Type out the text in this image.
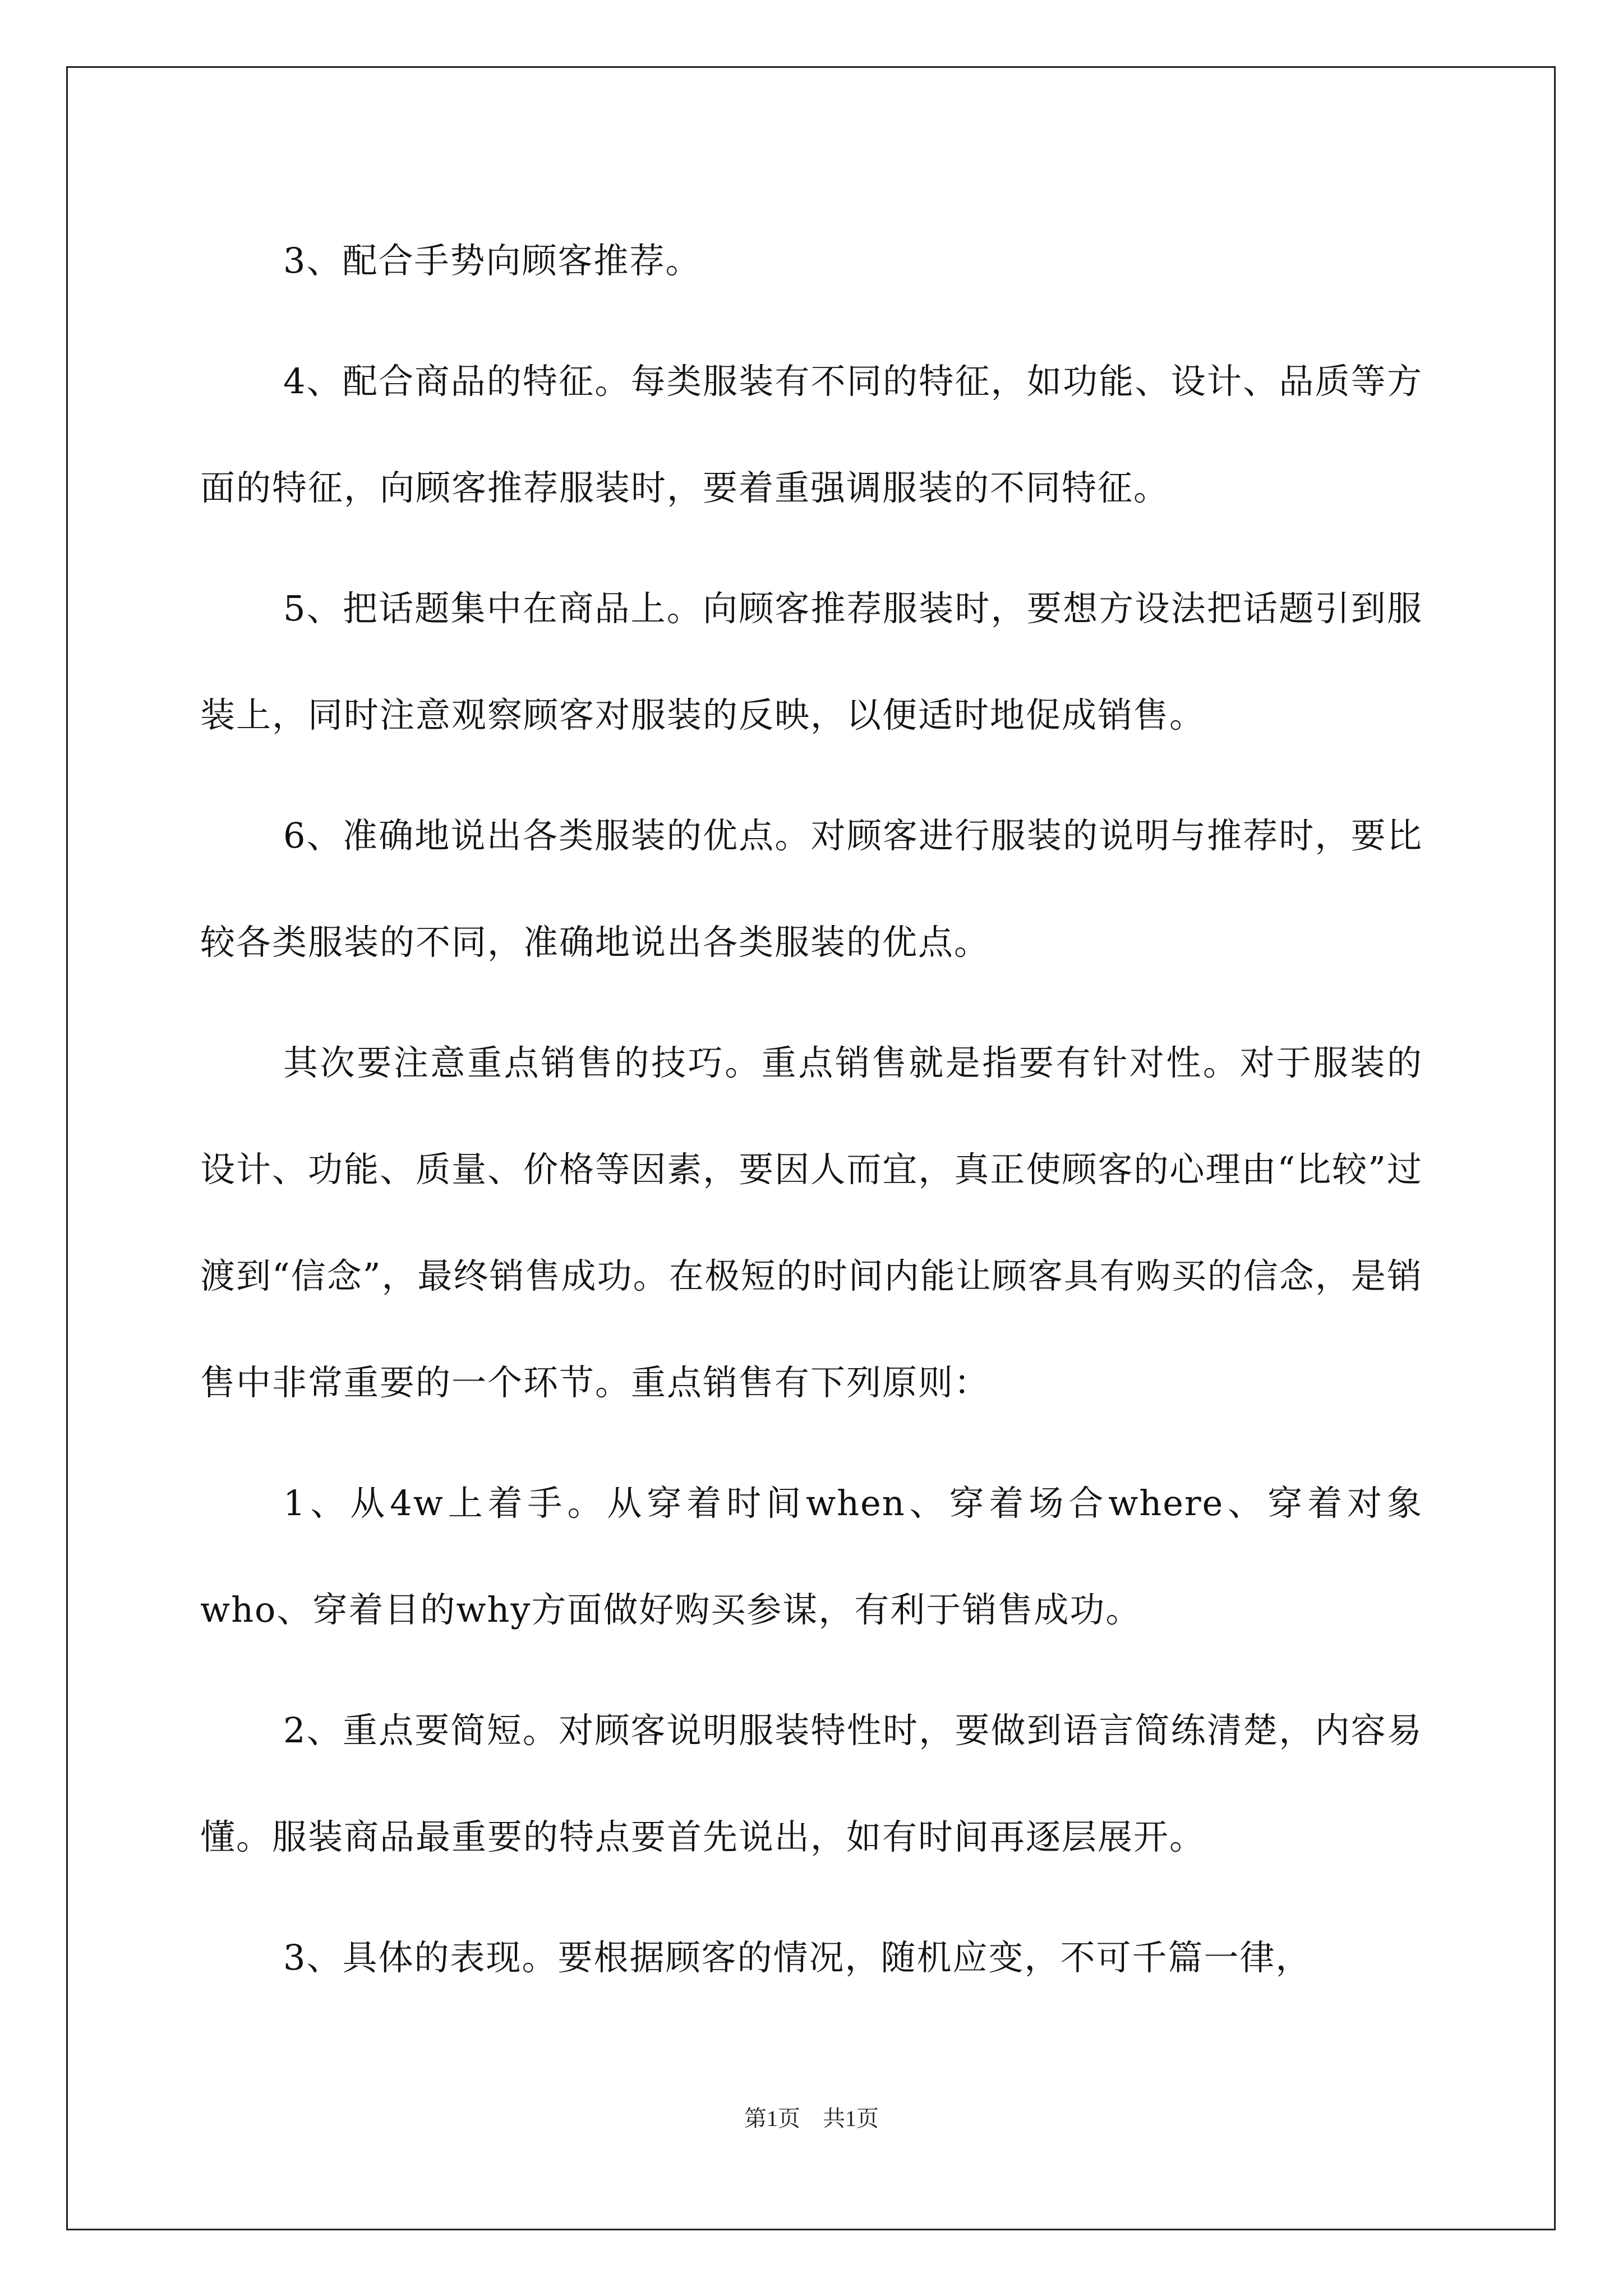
3、配合手势向顾客推荐。

4、配合商品的特征。每类服装有不同的特征，如功能、设计、品质等方面的特征，向顾客推荐服装时，要着重强调服装的不同特征。

5、把话题集中在商品上。向顾客推荐服装时，要想方设法把话题引到服装上，同时注意观察顾客对服装的反映，以便适时地促成销售。

6、准确地说出各类服装的优点。对顾客进行服装的说明与推荐时，要比较各类服装的不同，准确地说出各类服装的优点。

其次要注意重点销售的技巧。重点销售就是指要有针对性。对于服装的设计、功能、质量、价格等因素，要因人而宜，真正使顾客的心理由“比较”过渡到“信念”，最终销售成功。在极短的时间内能让顾客具有购买的信念，是销售中非常重要的一个环节。重点销售有下列原则：

1、从4w上着手。从穿着时间when、穿着场合where、穿着对象who、穿着目的why方面做好购买参谋，有利于销售成功。

2、重点要简短。对顾客说明服装特性时，要做到语言简练清楚，内容易懂。服装商品最重要的特点要首先说出，如有时间再逐层展开。

3、具体的表现。要根据顾客的情况，随机应变，不可千篇一律，

第1页　共1页
